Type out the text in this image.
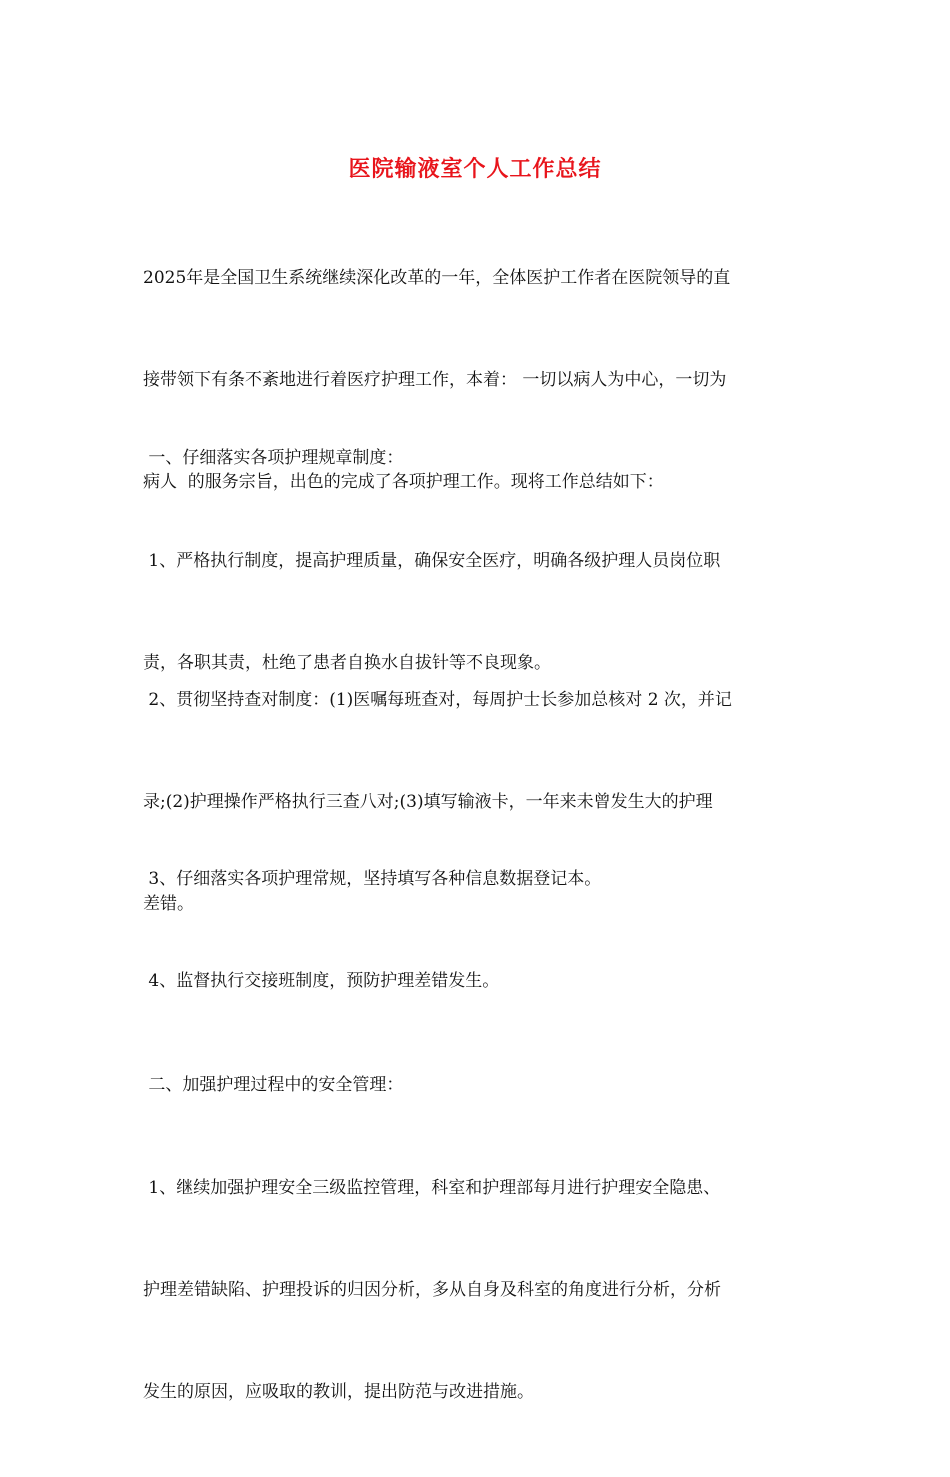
医院输液室个人工作总结

2025年是全国卫生系统继续深化改革的一年，全体医护工作者在医院领导的直

接带领下有条不紊地进行着医疗护理工作，本着： 一切以病人为中心，一切为

病人  的服务宗旨，出色的完成了各项护理工作。现将工作总结如下：

一、仔细落实各项护理规章制度：

1、严格执行制度，提高护理质量，确保安全医疗，明确各级护理人员岗位职

责，各职其责，杜绝了患者自换水自拔针等不良现象。

2、贯彻坚持查对制度：(1)医嘱每班查对，每周护士长参加总核对 2 次，并记

录;(2)护理操作严格执行三查八对;(3)填写输液卡，一年来未曾发生大的护理

差错。

3、仔细落实各项护理常规，坚持填写各种信息数据登记本。

4、监督执行交接班制度，预防护理差错发生。

二、加强护理过程中的安全管理：

1、继续加强护理安全三级监控管理，科室和护理部每月进行护理安全隐患、

护理差错缺陷、护理投诉的归因分析，多从自身及科室的角度进行分析，分析

发生的原因，应吸取的教训，提出防范与改进措施。
